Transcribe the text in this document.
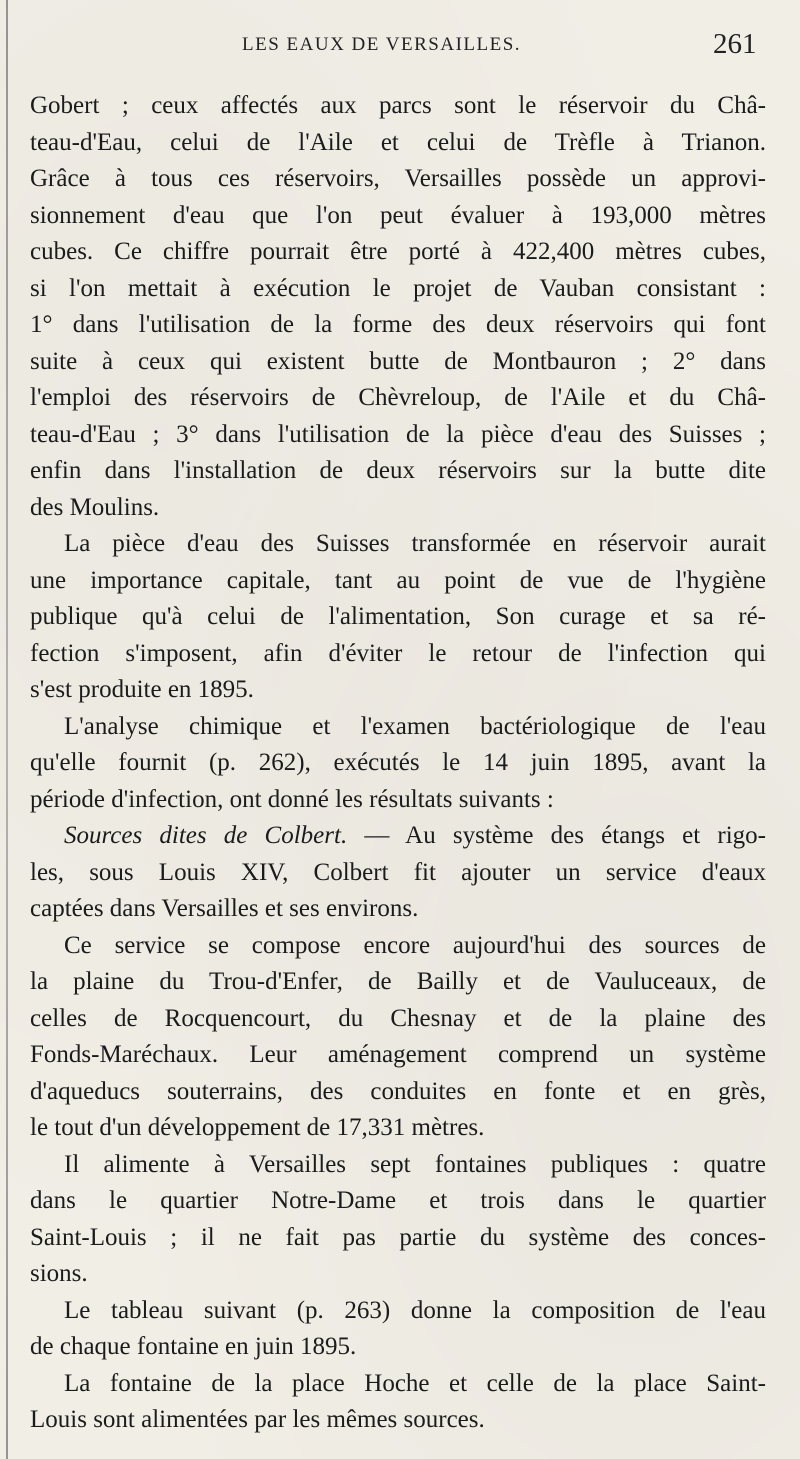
LES EAUX DE VERSAILLES.	261
Gobert ; ceux affectés aux parcs sont le réservoir du Châ-
teau-d'Eau, celui de l'Aile et celui de Trèfle à Trianon.
Grâce à tous ces réservoirs, Versailles possède un approvi-
sionnement d'eau que l'on peut évaluer à 193,000 mètres
cubes. Ce chiffre pourrait être porté à 422,400 mètres cubes,
si l'on mettait à exécution le projet de Vauban consistant :
1° dans l'utilisation de la forme des deux réservoirs qui font
suite à ceux qui existent butte de Montbauron ; 2° dans
l'emploi des réservoirs de Chèvreloup, de l'Aile et du Châ-
teau-d'Eau ; 3° dans l'utilisation de la pièce d'eau des Suisses ;
enfin dans l'installation de deux réservoirs sur la butte dite
des Moulins.
La pièce d'eau des Suisses transformée en réservoir aurait
une importance capitale, tant au point de vue de l'hygiène
publique qu'à celui de l'alimentation, Son curage et sa ré-
fection s'imposent, afin d'éviter le retour de l'infection qui
s'est produite en 1895.
L'analyse chimique et l'examen bactériologique de l'eau
qu'elle fournit (p. 262), exécutés le 14 juin 1895, avant la
période d'infection, ont donné les résultats suivants :
Sources dites de Colbert. — Au système des étangs et rigo-
les, sous Louis XIV, Colbert fit ajouter un service d'eaux
captées dans Versailles et ses environs.
Ce service se compose encore aujourd'hui des sources de
la plaine du Trou-d'Enfer, de Bailly et de Vauluceaux, de
celles de Rocquencourt, du Chesnay et de la plaine des
Fonds-Maréchaux. Leur aménagement comprend un système
d'aqueducs souterrains, des conduites en fonte et en grès,
le tout d'un développement de 17,331 mètres.
Il alimente à Versailles sept fontaines publiques : quatre
dans le quartier Notre-Dame et trois dans le quartier
Saint-Louis ; il ne fait pas partie du système des conces-
sions.
Le tableau suivant (p. 263) donne la composition de l'eau
de chaque fontaine en juin 1895.
La fontaine de la place Hoche et celle de la place Saint-
Louis sont alimentées par les mêmes sources.
